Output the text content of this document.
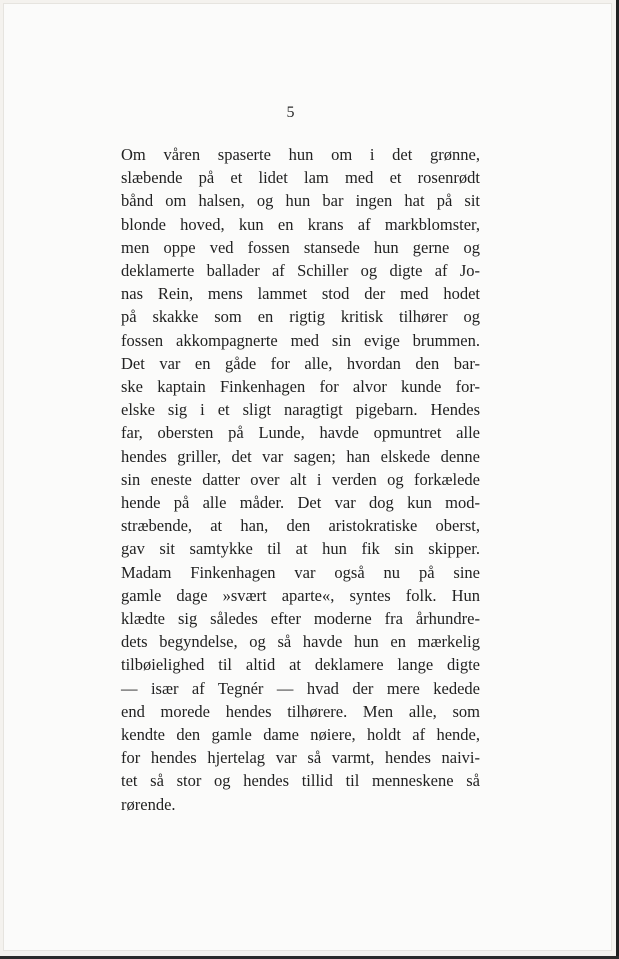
5

Om våren spaserte hun om i det grønne,
slæbende på et lidet lam med et rosenrødt
bånd om halsen, og hun bar ingen hat på sit
blonde hoved, kun en krans af markblomster,
men oppe ved fossen stansede hun gerne og
deklamerte ballader af Schiller og digte af Jo-
nas Rein, mens lammet stod der med hodet
på skakke som en rigtig kritisk tilhører og
fossen akkompagnerte med sin evige brummen.

Det var en gåde for alle, hvordan den bar-
ske kaptain Finkenhagen for alvor kunde for-
elske sig i et sligt naragtigt pigebarn. Hendes
far, obersten på Lunde, havde opmuntret alle
hendes griller, det var sagen; han elskede denne
sin eneste datter over alt i verden og forkælede
hende på alle måder. Det var dog kun mod-
stræbende, at han, den aristokratiske oberst,
gav sit samtykke til at hun fik sin skipper.

Madam Finkenhagen var også nu på sine
gamle dage »svært aparte«, syntes folk. Hun
klædte sig således efter moderne fra århundre-
dets begyndelse, og så havde hun en mærkelig
tilbøielighed til altid at deklamere lange digte
— især af Tegnér — hvad der mere kedede
end morede hendes tilhørere. Men alle, som
kendte den gamle dame nøiere, holdt af hende,
for hendes hjertelag var så varmt, hendes naivi-
tet så stor og hendes tillid til menneskene så
rørende.
